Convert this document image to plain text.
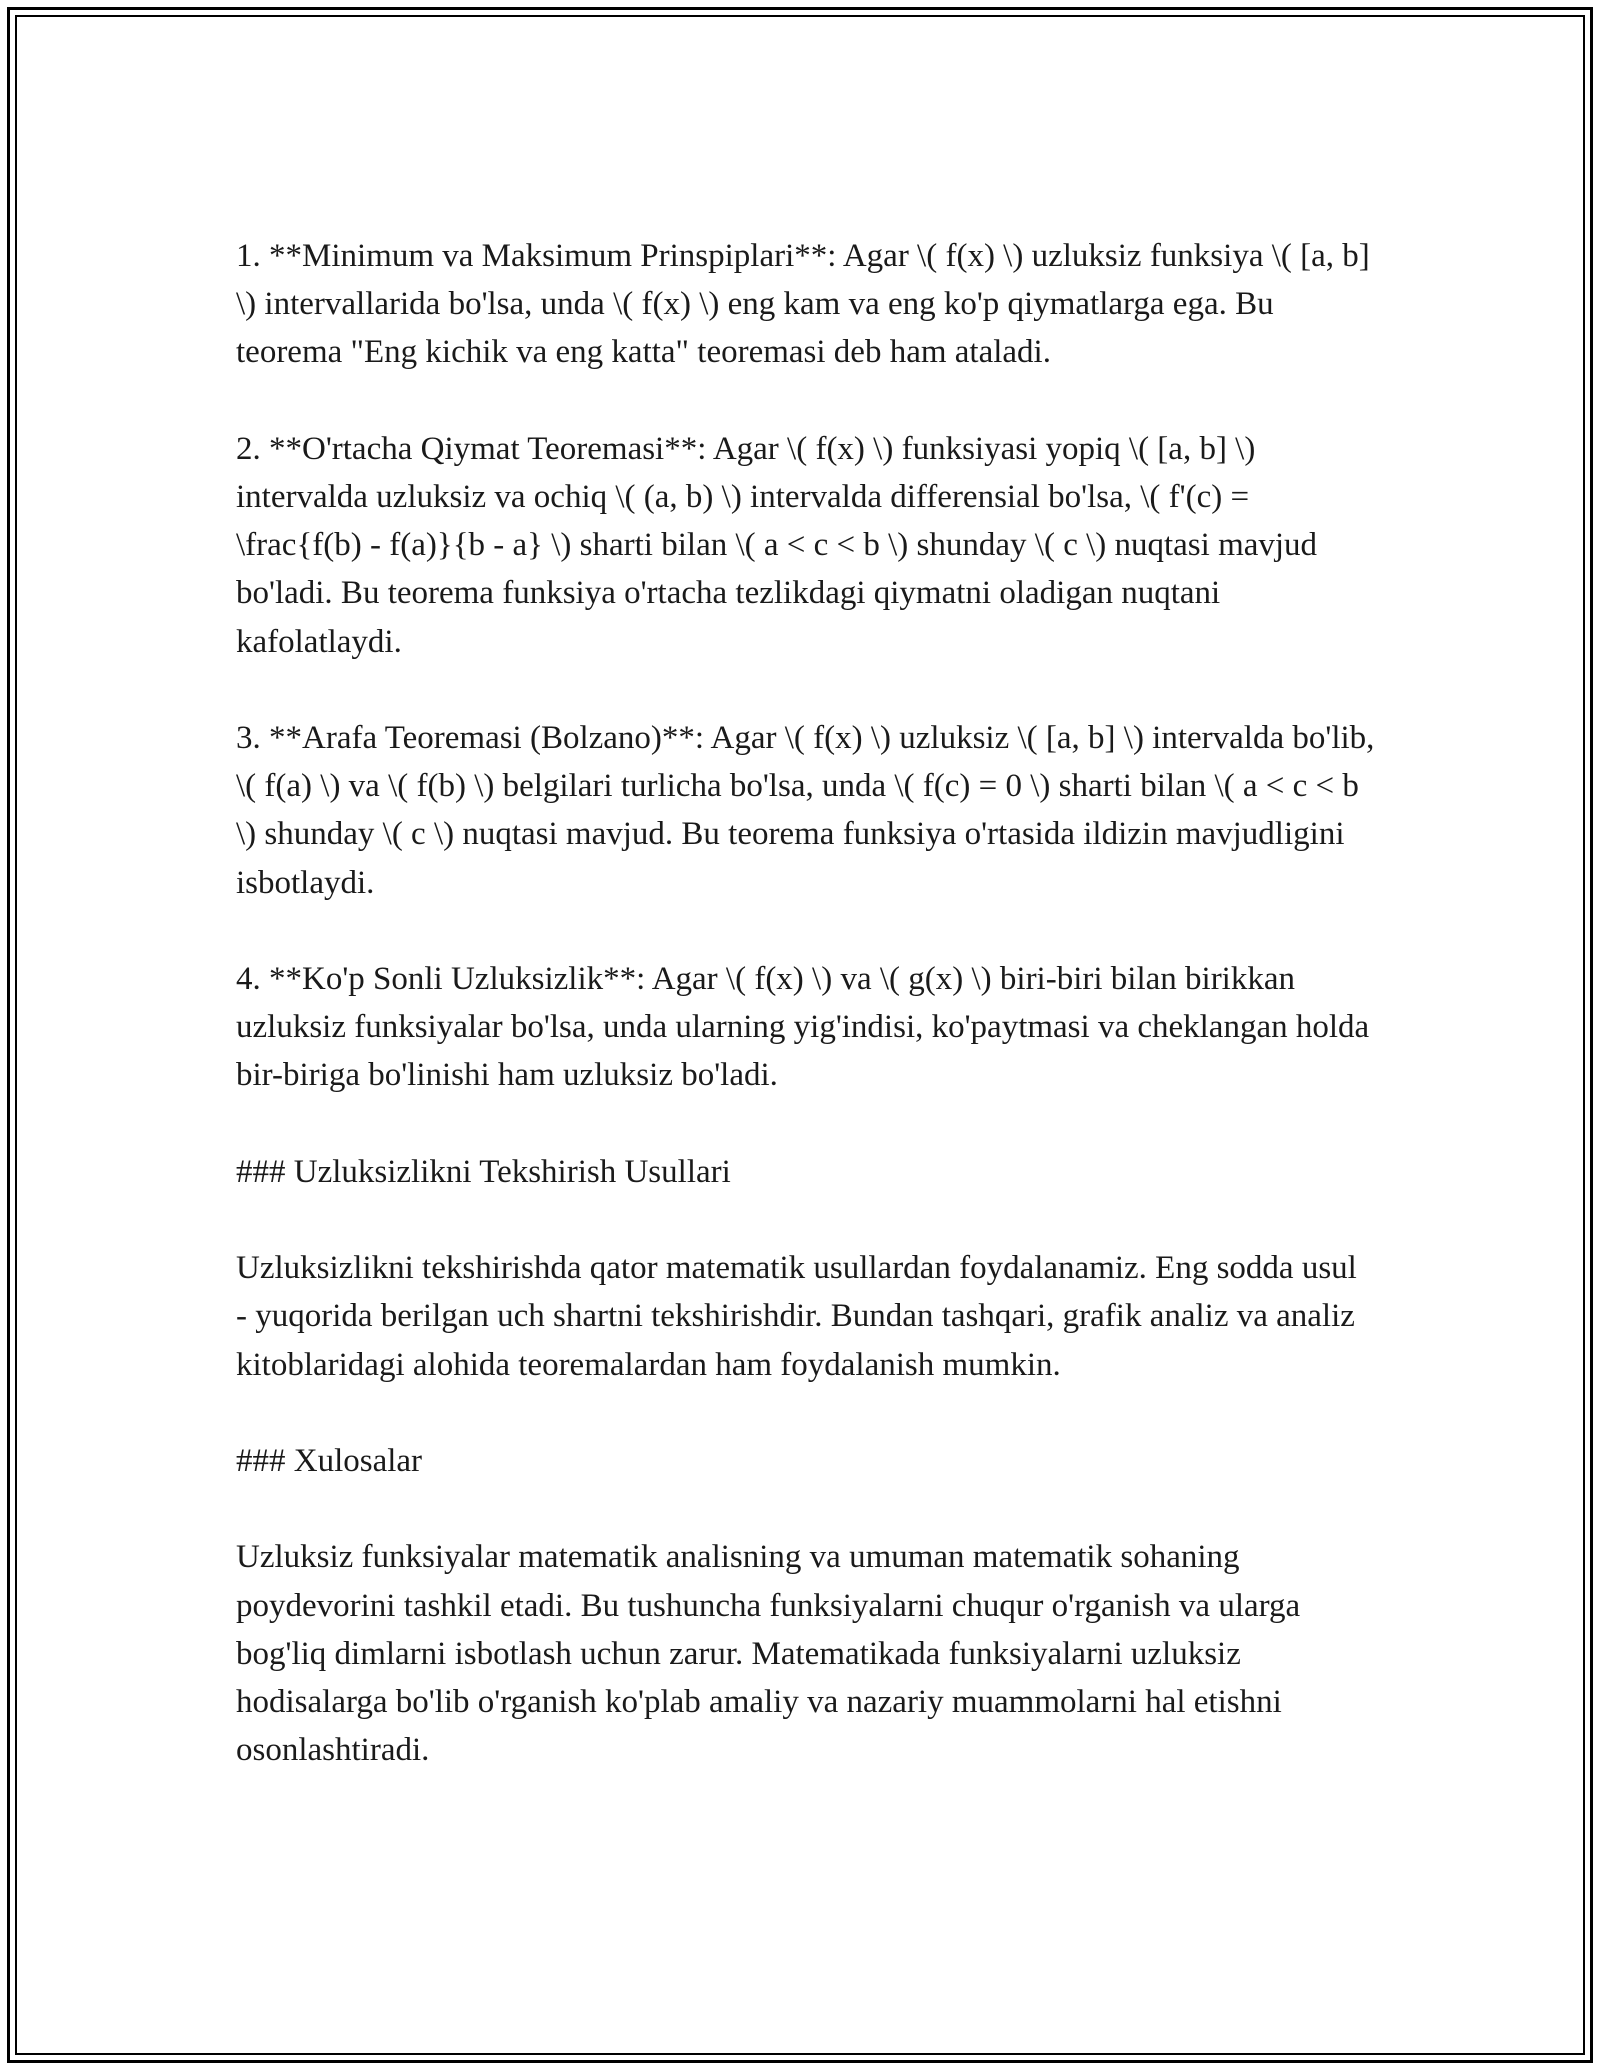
1. **Minimum va Maksimum Prinspiplari**: Agar \( f(x) \) uzluksiz funksiya \( [a, b] \) intervallarida bo'lsa, unda \( f(x) \) eng kam va eng ko'p qiymatlarga ega. Bu teorema "Eng kichik va eng katta" teoremasi deb ham ataladi.

2. **O'rtacha Qiymat Teoremasi**: Agar \( f(x) \) funksiyasi yopiq \( [a, b] \) intervalda uzluksiz va ochiq \( (a, b) \) intervalda differensial bo'lsa, \( f'(c) = \frac{f(b) - f(a)}{b - a} \) sharti bilan \( a < c < b \) shunday \( c \) nuqtasi mavjud bo'ladi. Bu teorema funksiya o'rtacha tezlikdagi qiymatni oladigan nuqtani kafolatlaydi.

3. **Arafa Teoremasi (Bolzano)**: Agar \( f(x) \) uzluksiz \( [a, b] \) intervalda bo'lib, \( f(a) \) va \( f(b) \) belgilari turlicha bo'lsa, unda \( f(c) = 0 \) sharti bilan \( a < c < b \) shunday \( c \) nuqtasi mavjud. Bu teorema funksiya o'rtasida ildizin mavjudligini isbotlaydi.

4. **Ko'p Sonli Uzluksizlik**: Agar \( f(x) \) va \( g(x) \) biri-biri bilan birikkan uzluksiz funksiyalar bo'lsa, unda ularning yig'indisi, ko'paytmasi va cheklangan holda bir-biriga bo'linishi ham uzluksiz bo'ladi.

### Uzluksizlikni Tekshirish Usullari

Uzluksizlikni tekshirishda qator matematik usullardan foydalanamiz. Eng sodda usul - yuqorida berilgan uch shartni tekshirishdir. Bundan tashqari, grafik analiz va analiz kitoblaridagi alohida teoremalardan ham foydalanish mumkin.

### Xulosalar

Uzluksiz funksiyalar matematik analisning va umuman matematik sohaning poydevorini tashkil etadi. Bu tushuncha funksiyalarni chuqur o'rganish va ularga bog'liq dimlarni isbotlash uchun zarur. Matematikada funksiyalarni uzluksiz hodisalarga bo'lib o'rganish ko'plab amaliy va nazariy muammolarni hal etishni osonlashtiradi.
